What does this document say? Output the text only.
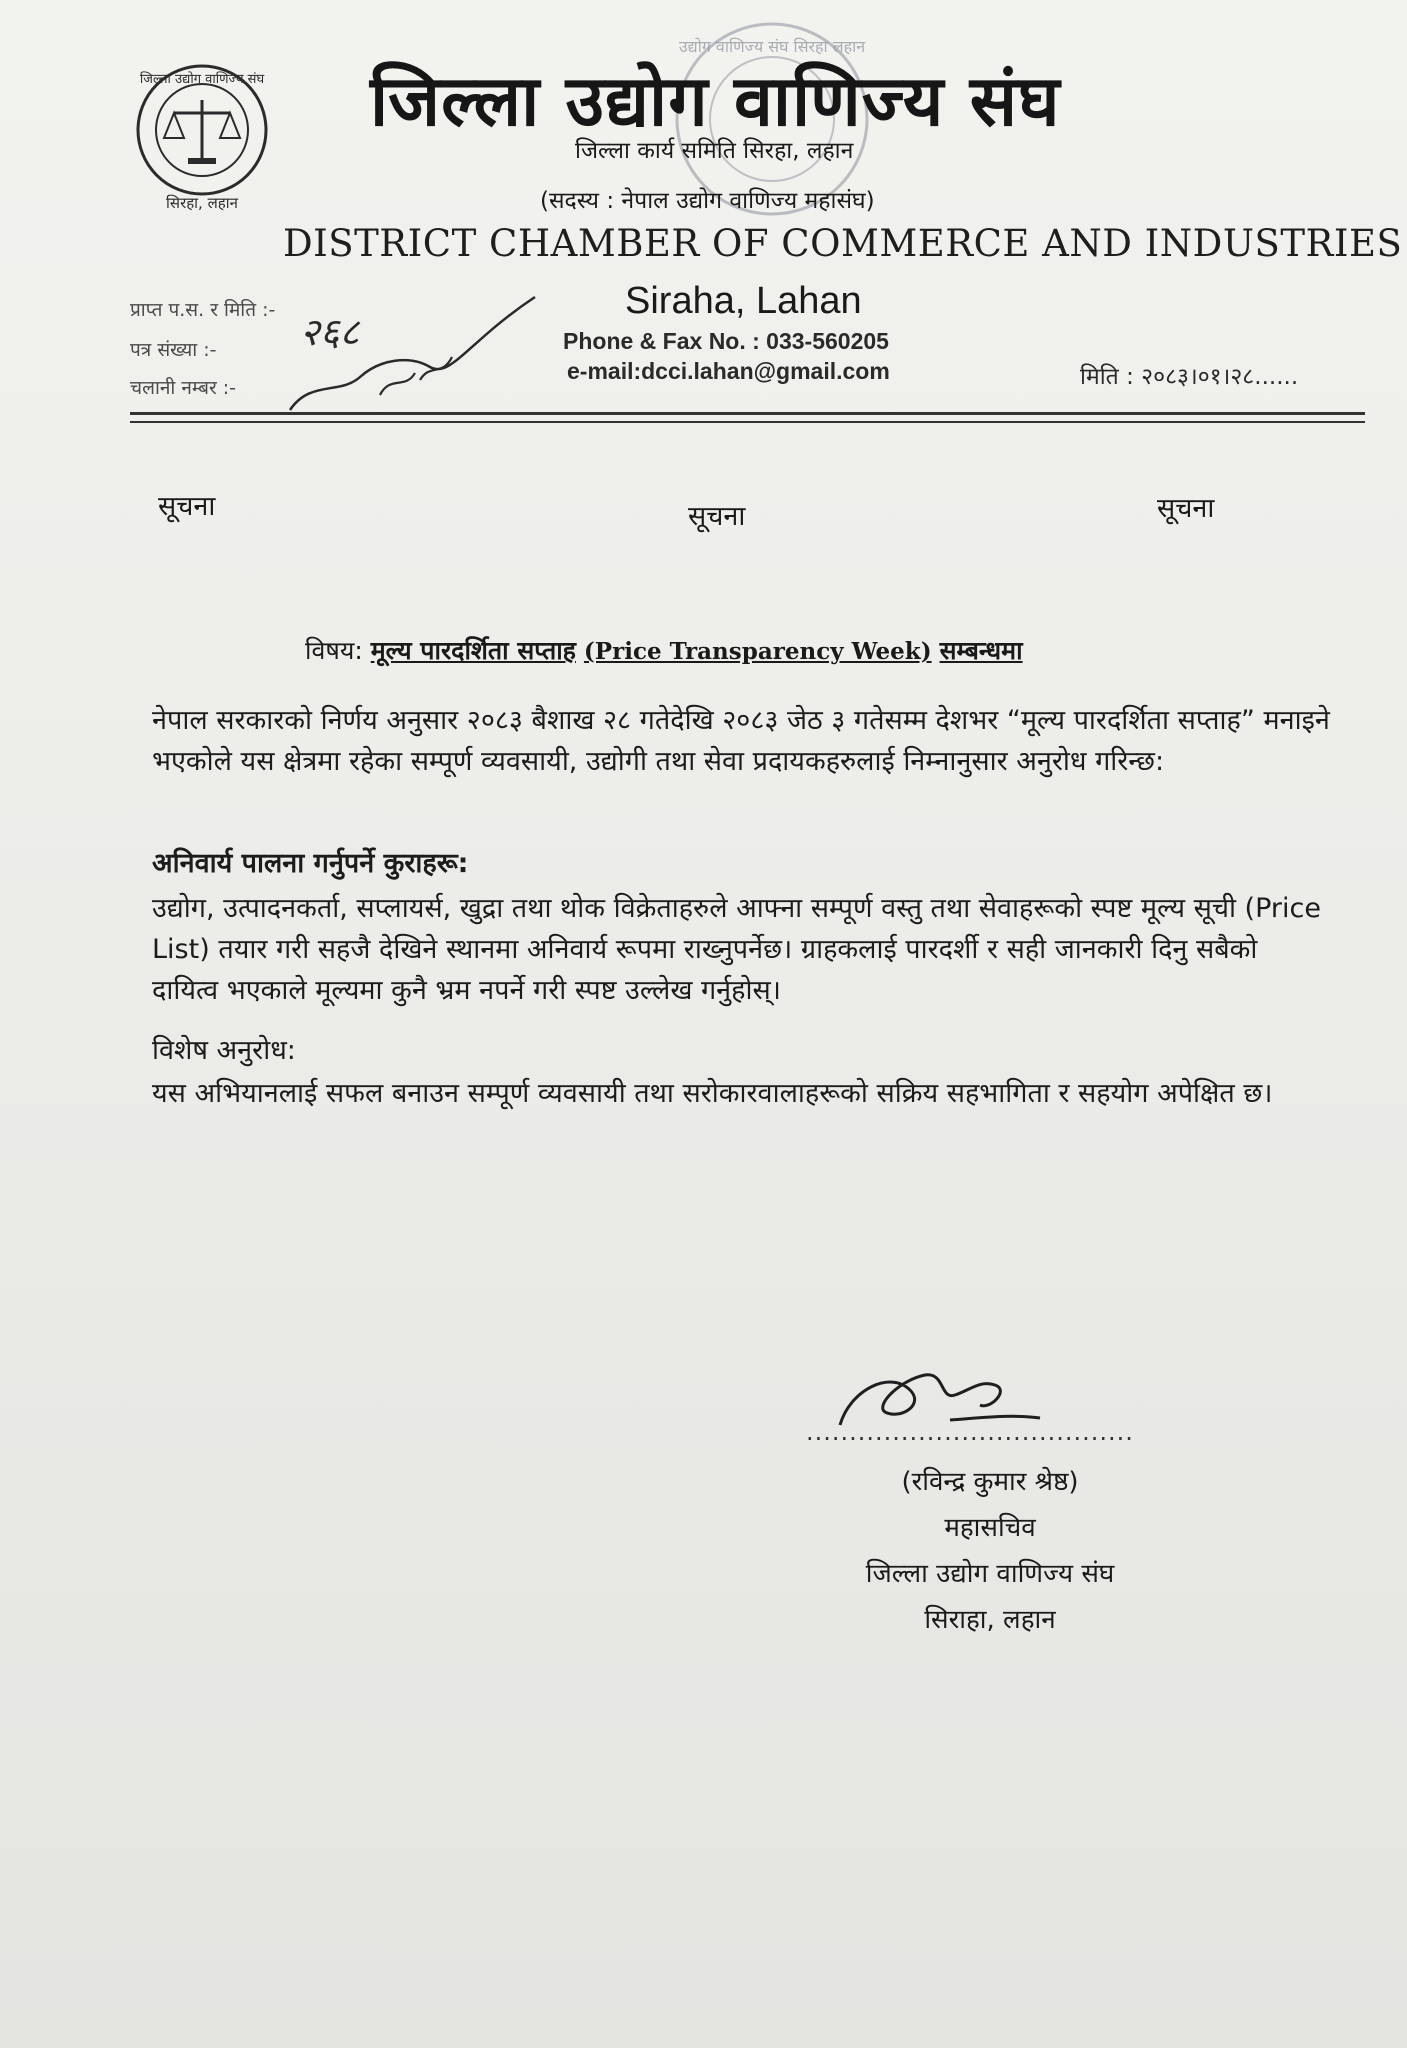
जिल्ला उद्योग वाणिज्य संघ
सिरहा, लहान
उद्योग वाणिज्य संघ सिरहा लहान
जिल्ला उद्योग वाणिज्य संघ
जिल्ला कार्य समिति सिरहा, लहान
(सदस्य : नेपाल उद्योग वाणिज्य महासंघ)
DISTRICT CHAMBER OF COMMERCE AND INDUSTRIES
Siraha, Lahan
Phone & Fax No. : 033-560205
e-mail:dcci.lahan@gmail.com
प्राप्त प.स. र मिति :-
पत्र संख्या :-
चलानी नम्बर :-
२६८
मिति : २०८३।०१।२८......
सूचना	सूचना	सूचना
विषय: मूल्य पारदर्शिता सप्ताह (Price Transparency Week) सम्बन्धमा
नेपाल सरकारको निर्णय अनुसार २०८३ बैशाख २८ गतेदेखि २०८३ जेठ ३ गतेसम्म देशभर “मूल्य पारदर्शिता सप्ताह” मनाइने भएकोले यस क्षेत्रमा रहेका सम्पूर्ण व्यवसायी, उद्योगी तथा सेवा प्रदायकहरुलाई निम्नानुसार अनुरोध गरिन्छ:
अनिवार्य पालना गर्नुपर्ने कुराहरू:
उद्योग, उत्पादनकर्ता, सप्लायर्स, खुद्रा तथा थोक विक्रेताहरुले आफ्ना सम्पूर्ण वस्तु तथा सेवाहरूको स्पष्ट मूल्य सूची (Price List) तयार गरी सहजै देखिने स्थानमा अनिवार्य रूपमा राख्नुपर्नेछ। ग्राहकलाई पारदर्शी र सही जानकारी दिनु सबैको दायित्व भएकाले मूल्यमा कुनै भ्रम नपर्ने गरी स्पष्ट उल्लेख गर्नुहोस्।
विशेष अनुरोध:
यस अभियानलाई सफल बनाउन सम्पूर्ण व्यवसायी तथा सरोकारवालाहरूको सक्रिय सहभागिता र सहयोग अपेक्षित छ।
......................................
(रविन्द्र कुमार श्रेष्ठ)
महासचिव
जिल्ला उद्योग वाणिज्य संघ
सिराहा, लहान
